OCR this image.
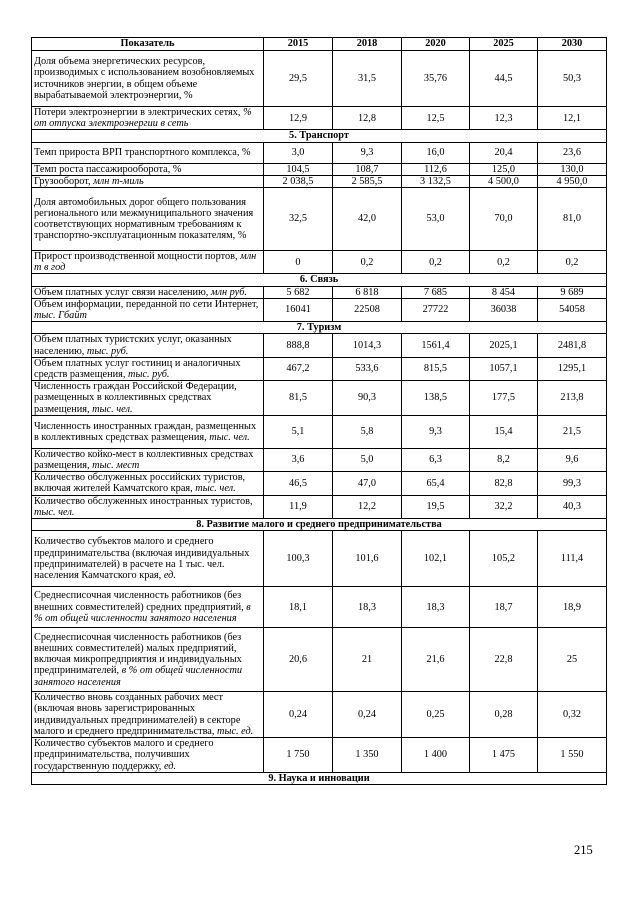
Показатель	2015	2018	2020	2025	2030
Доля объема энергетических ресурсов, производимых с использованием возобновляемых источников энергии, в общем объеме вырабатываемой электроэнергии, %	29,5	31,5	35,76	44,5	50,3
Потери электроэнергии в электрических сетях, % от отпуска электроэнергии в сеть	12,9	12,8	12,5	12,3	12,1
5. Транспорт					
Темп прироста ВРП транспортного комплекса, %	3,0	9,3	16,0	20,4	23,6
Темп роста пассажирооборота, %	104,5	108,7	112,6	125,0	130,0
Грузооборот, млн т-миль	2 038,5	2 585,5	3 132,5	4 500,0	4 950,0
Доля автомобильных дорог общего пользования регионального или межмуниципального значения соответствующих нормативным требованиям к транспортно-эксплуатационным показателям, %	32,5	42,0	53,0	70,0	81,0
Прирост производственной мощности портов, млн т в год	0	0,2	0,2	0,2	0,2
6. Связь					
Объем платных услуг связи населению, млн руб.	5 682	6 818	7 685	8 454	9 689
Объем информации, переданной по сети Интернет, тыс. Гбайт	16041	22508	27722	36038	54058
7. Туризм					
Объем платных туристских услуг, оказанных населению, тыс. руб.	888,8	1014,3	1561,4	2025,1	2481,8
Объем платных услуг гостиниц и аналогичных средств размещения, тыс. руб.	467,2	533,6	815,5	1057,1	1295,1
Численность граждан Российской Федерации, размещенных в коллективных средствах размещения, тыс. чел.	81,5	90,3	138,5	177,5	213,8
Численность иностранных граждан, размещенных в коллективных средствах размещения, тыс. чел.	5,1	5,8	9,3	15,4	21,5
Количество койко-мест в коллективных средствах размещения, тыс. мест	3,6	5,0	6,3	8,2	9,6
Количество обслуженных российских туристов, включая жителей Камчатского края, тыс. чел.	46,5	47,0	65,4	82,8	99,3
Количество обслуженных иностранных туристов, тыс. чел.	11,9	12,2	19,5	32,2	40,3
8. Развитие малого и среднего предпринимательства					
Количество субъектов малого и среднего предпринимательства (включая индивидуальных предпринимателей) в расчете на 1 тыс. чел. населения Камчатского края, ед.	100,3	101,6	102,1	105,2	111,4
Среднесписочная численность работников (без внешних совместителей) средних предприятий, в % от общей численности занятого населения	18,1	18,3	18,3	18,7	18,9
Среднесписочная численность работников (без внешних совместителей) малых предприятий, включая микропредприятия и индивидуальных предпринимателей, в % от общей численности занятого населения	20,6	21	21,6	22,8	25
Количество вновь созданных рабочих мест (включая вновь зарегистрированных индивидуальных предпринимателей) в секторе малого и среднего предпринимательства, тыс. ед.	0,24	0,24	0,25	0,28	0,32
Количество субъектов малого и среднего предпринимательства, получивших государственную поддержку, ед.	1 750	1 350	1 400	1 475	1 550
9. Наука и инновации					
215
